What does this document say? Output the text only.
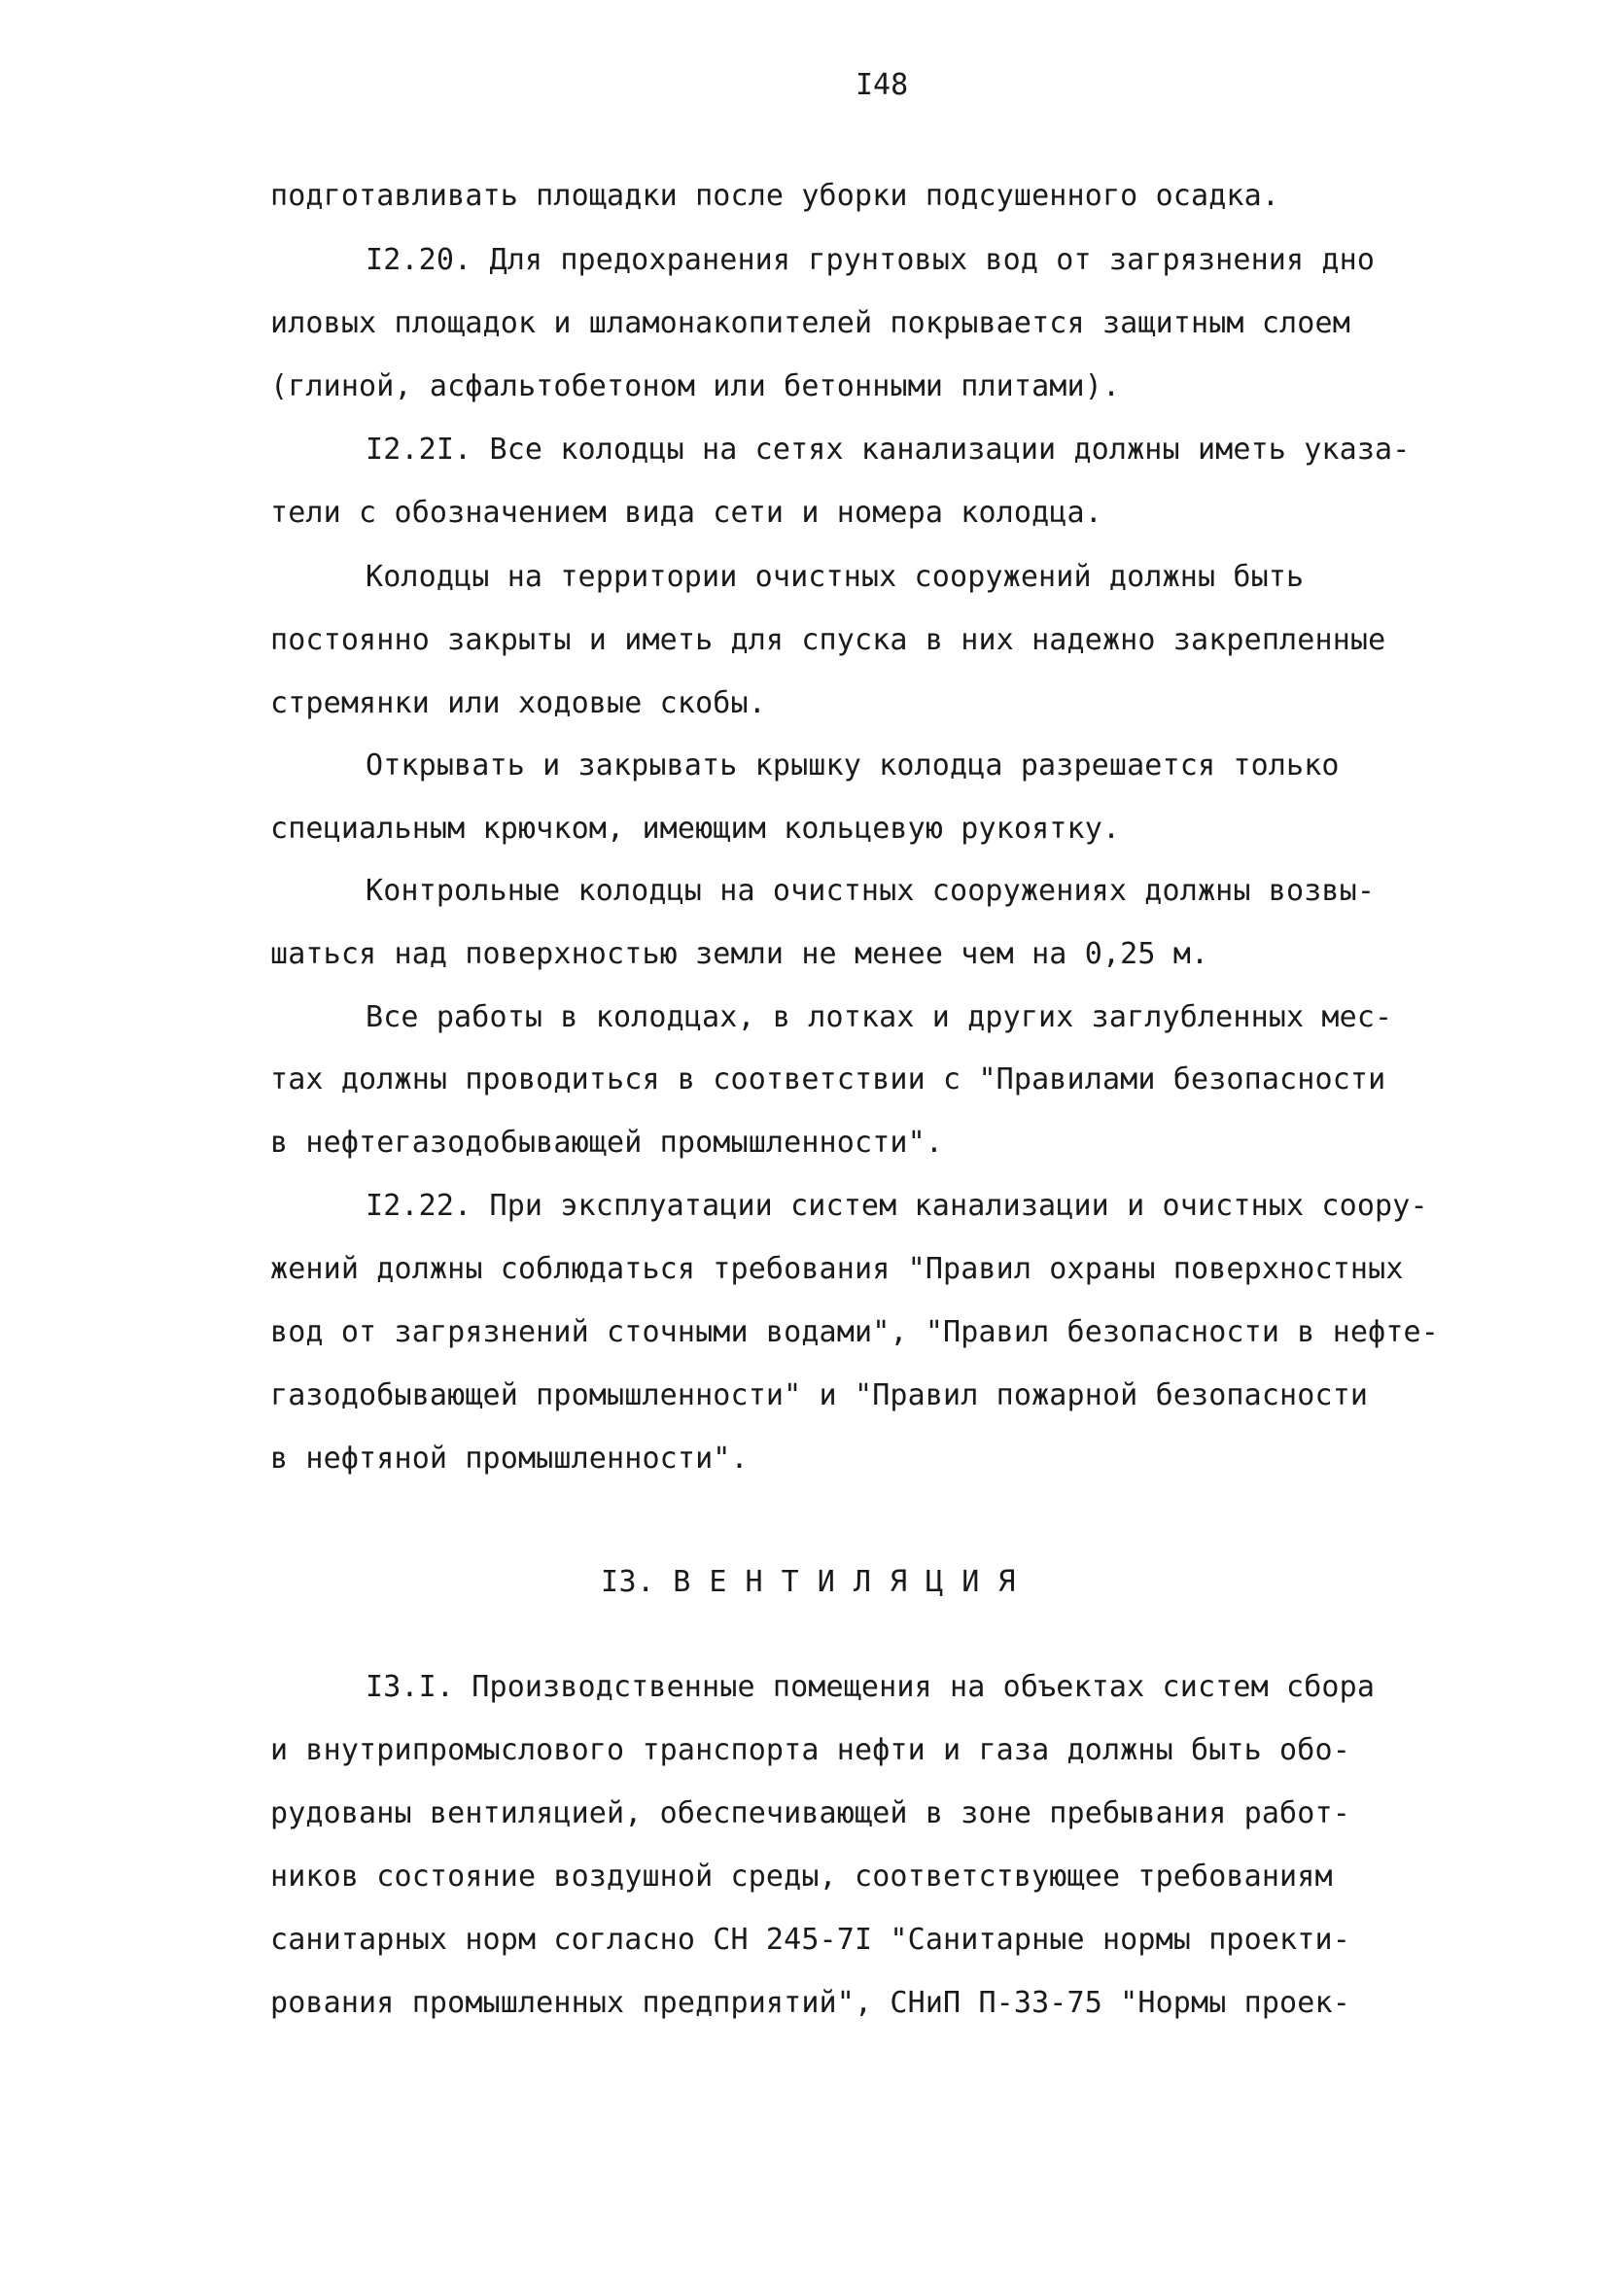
I48
подготавливать площадки после уборки подсушенного осадка.
I2.20. Для предохранения грунтовых вод от загрязнения дно
иловых площадок и шламонакопителей покрывается защитным слоем
(глиной, асфальтобетоном или бетонными плитами).
I2.2I. Все колодцы на сетях канализации должны иметь указа-
тели с обозначением вида сети и номера колодца.
Колодцы на территории очистных сооружений должны быть
постоянно закрыты и иметь для спуска в них надежно закрепленные
стремянки или ходовые скобы.
Открывать и закрывать крышку колодца разрешается только
специальным крючком, имеющим кольцевую рукоятку.
Контрольные колодцы на очистных сооружениях должны возвы-
шаться над поверхностью земли не менее чем на 0,25 м.
Все работы в колодцах, в лотках и других заглубленных мес-
тах должны проводиться в соответствии с "Правилами безопасности
в нефтегазодобывающей промышленности".
I2.22. При эксплуатации систем канализации и очистных соору-
жений должны соблюдаться требования "Правил охраны поверхностных
вод от загрязнений сточными водами", "Правил безопасности в нефте-
газодобывающей промышленности" и "Правил пожарной безопасности
в нефтяной промышленности".
I3. В Е Н Т И Л Я Ц И Я
I3.I. Производственные помещения на объектах систем сбора
и внутрипромыслового транспорта нефти и газа должны быть обо-
рудованы вентиляцией, обеспечивающей в зоне пребывания работ-
ников состояние воздушной среды, соответствующее требованиям
санитарных норм согласно СН 245-7I "Санитарные нормы проекти-
рования промышленных предприятий", СНиП П-33-75 "Нормы проек-
